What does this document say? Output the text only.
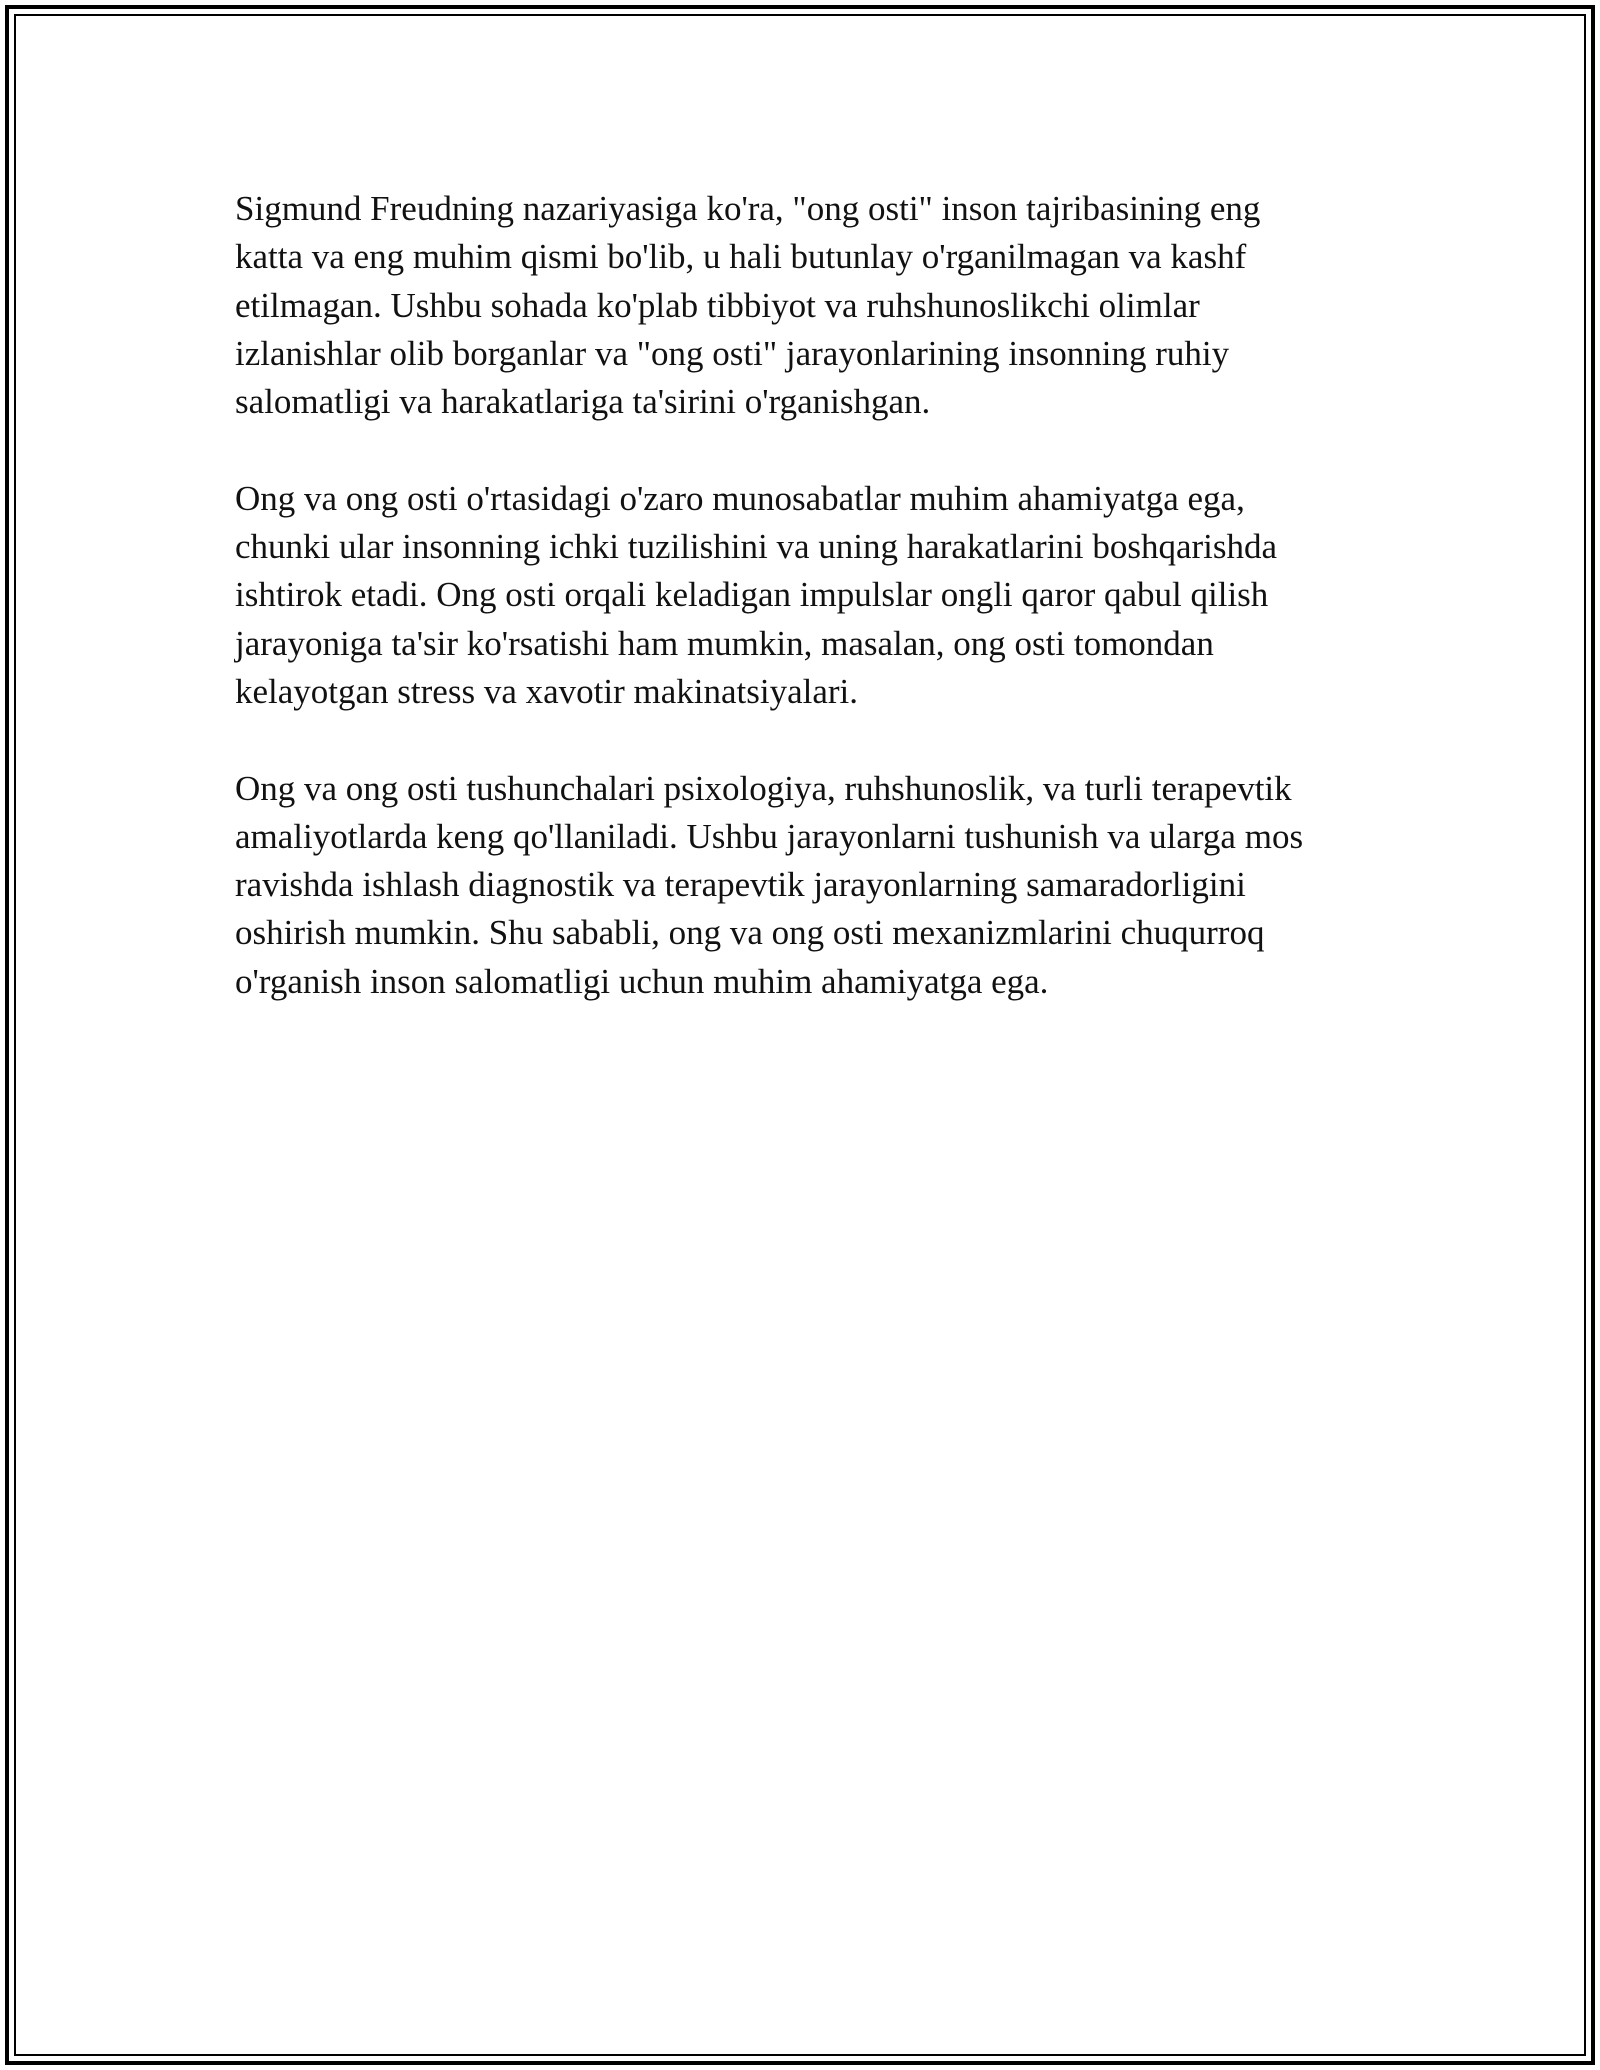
Sigmund Freudning nazariyasiga ko'ra, "ong osti" inson tajribasining eng
katta va eng muhim qismi bo'lib, u hali butunlay o'rganilmagan va kashf
etilmagan. Ushbu sohada ko'plab tibbiyot va ruhshunoslikchi olimlar
izlanishlar olib borganlar va "ong osti" jarayonlarining insonning ruhiy
salomatligi va harakatlariga ta'sirini o'rganishgan.

Ong va ong osti o'rtasidagi o'zaro munosabatlar muhim ahamiyatga ega,
chunki ular insonning ichki tuzilishini va uning harakatlarini boshqarishda
ishtirok etadi. Ong osti orqali keladigan impulslar ongli qaror qabul qilish
jarayoniga ta'sir ko'rsatishi ham mumkin, masalan, ong osti tomondan
kelayotgan stress va xavotir makinatsiyalari.

Ong va ong osti tushunchalari psixologiya, ruhshunoslik, va turli terapevtik
amaliyotlarda keng qo'llaniladi. Ushbu jarayonlarni tushunish va ularga mos
ravishda ishlash diagnostik va terapevtik jarayonlarning samaradorligini
oshirish mumkin. Shu sababli, ong va ong osti mexanizmlarini chuqurroq
o'rganish inson salomatligi uchun muhim ahamiyatga ega.
